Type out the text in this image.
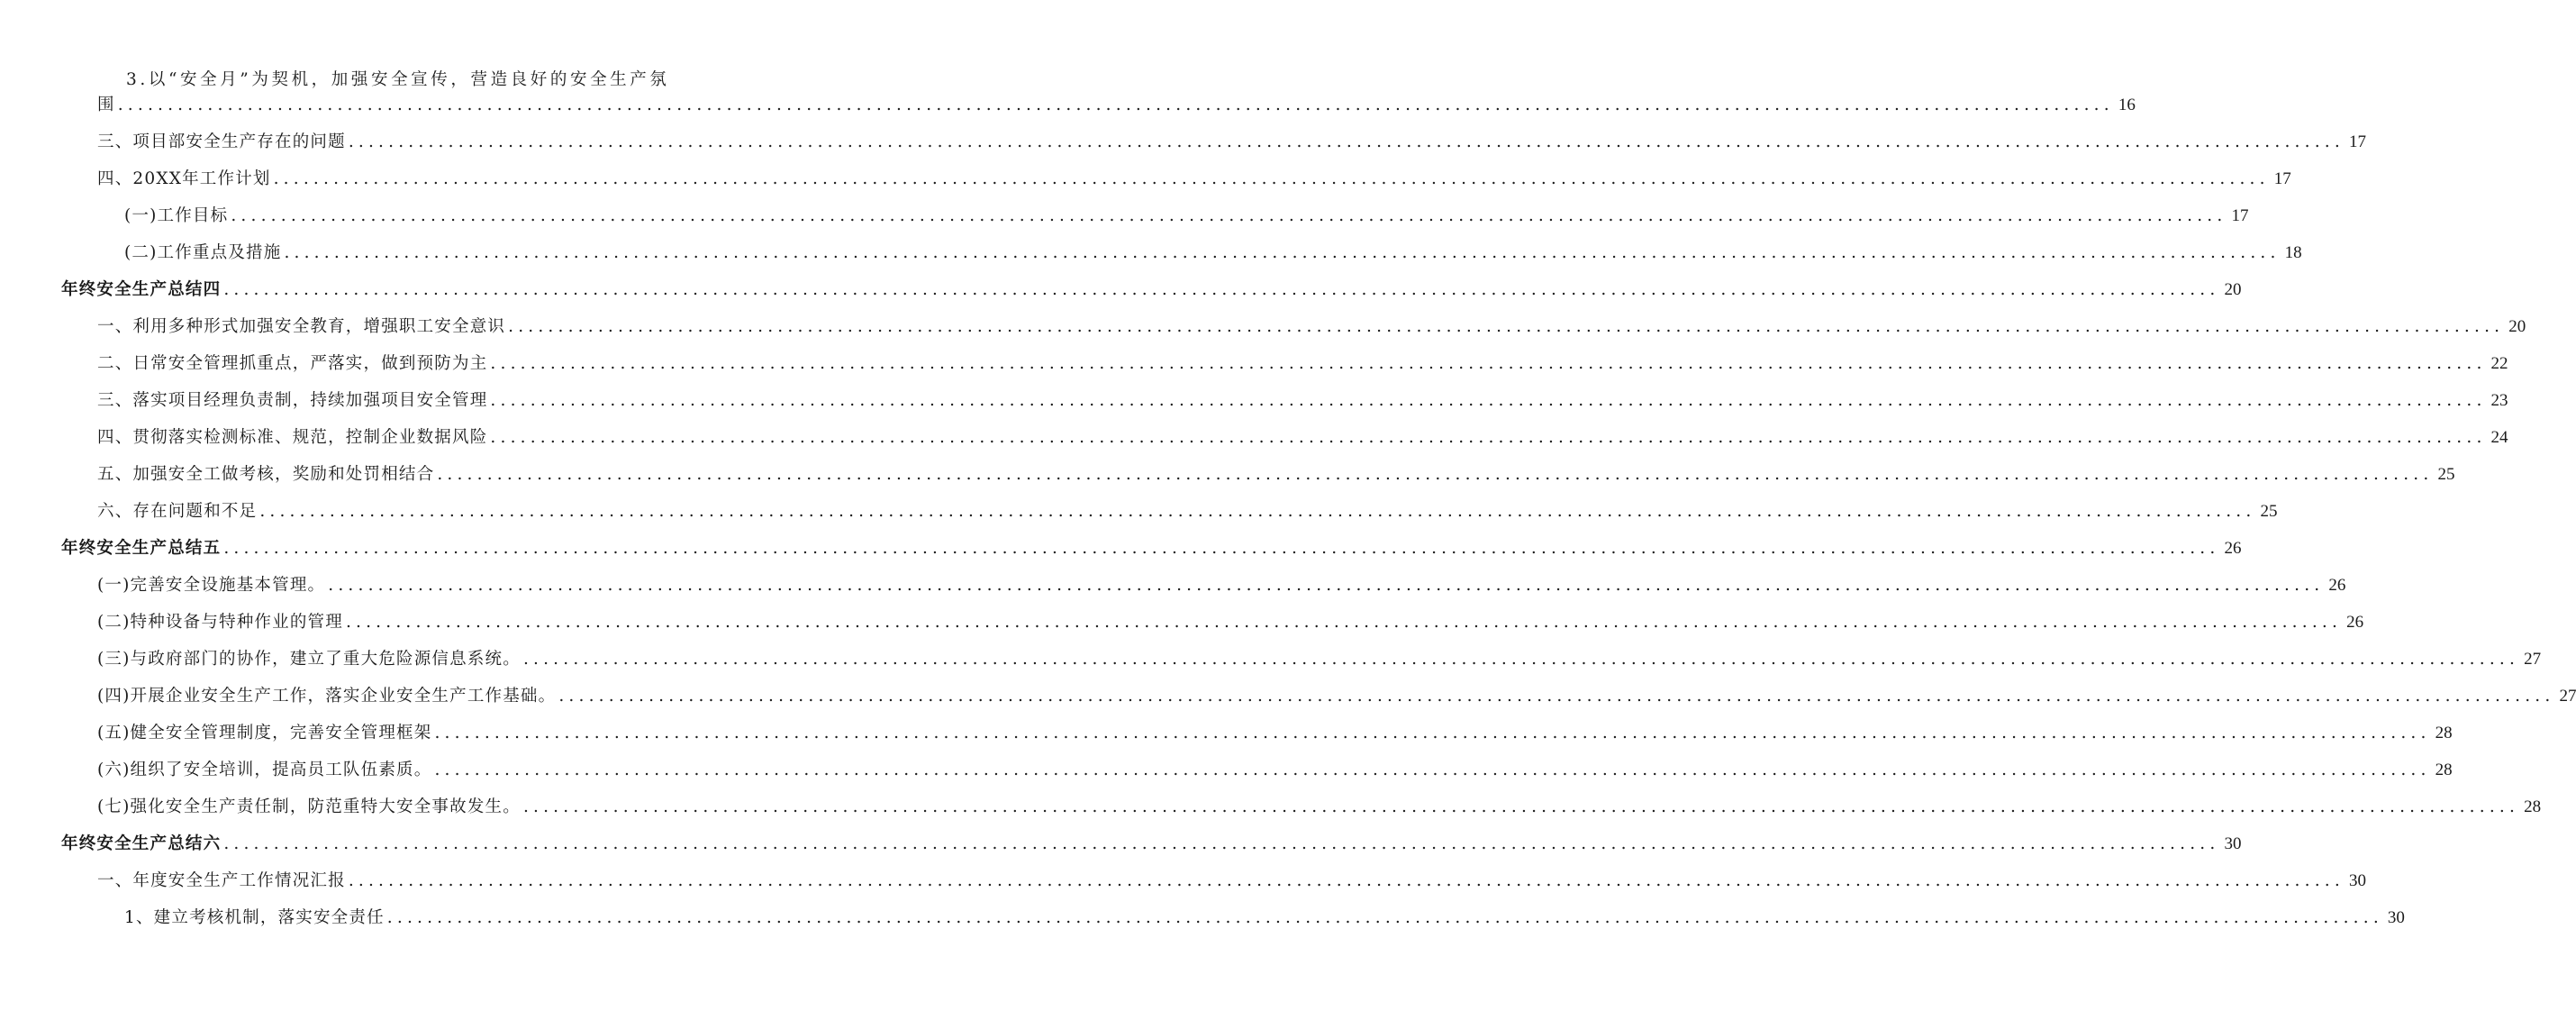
3.以“安全月”为契机，加强安全宣传，营造良好的安全生产氛
围 ........................................................................................................................................................................................................ 16
三、项目部安全生产存在的问题 ........................................................................................................................................................................................................ 17
四、20XX年工作计划 ........................................................................................................................................................................................................ 17
(一)工作目标 ........................................................................................................................................................................................................ 17
(二)工作重点及措施 ........................................................................................................................................................................................................ 18
年终安全生产总结四 ........................................................................................................................................................................................................ 20
一、利用多种形式加强安全教育，增强职工安全意识 ........................................................................................................................................................................................................ 20
二、日常安全管理抓重点，严落实，做到预防为主 ........................................................................................................................................................................................................ 22
三、落实项目经理负责制，持续加强项目安全管理 ........................................................................................................................................................................................................ 23
四、贯彻落实检测标准、规范，控制企业数据风险 ........................................................................................................................................................................................................ 24
五、加强安全工做考核，奖励和处罚相结合 ........................................................................................................................................................................................................ 25
六、存在问题和不足 ........................................................................................................................................................................................................ 25
年终安全生产总结五 ........................................................................................................................................................................................................ 26
(一)完善安全设施基本管理。 ........................................................................................................................................................................................................ 26
(二)特种设备与特种作业的管理 ........................................................................................................................................................................................................ 26
(三)与政府部门的协作，建立了重大危险源信息系统。 ........................................................................................................................................................................................................ 27
(四)开展企业安全生产工作，落实企业安全生产工作基础。 ........................................................................................................................................................................................................ 27
(五)健全安全管理制度，完善安全管理框架 ........................................................................................................................................................................................................ 28
(六)组织了安全培训，提高员工队伍素质。 ........................................................................................................................................................................................................ 28
(七)强化安全生产责任制，防范重特大安全事故发生。 ........................................................................................................................................................................................................ 28
年终安全生产总结六 ........................................................................................................................................................................................................ 30
一、年度安全生产工作情况汇报 ........................................................................................................................................................................................................ 30
1、建立考核机制，落实安全责任 ........................................................................................................................................................................................................ 30
